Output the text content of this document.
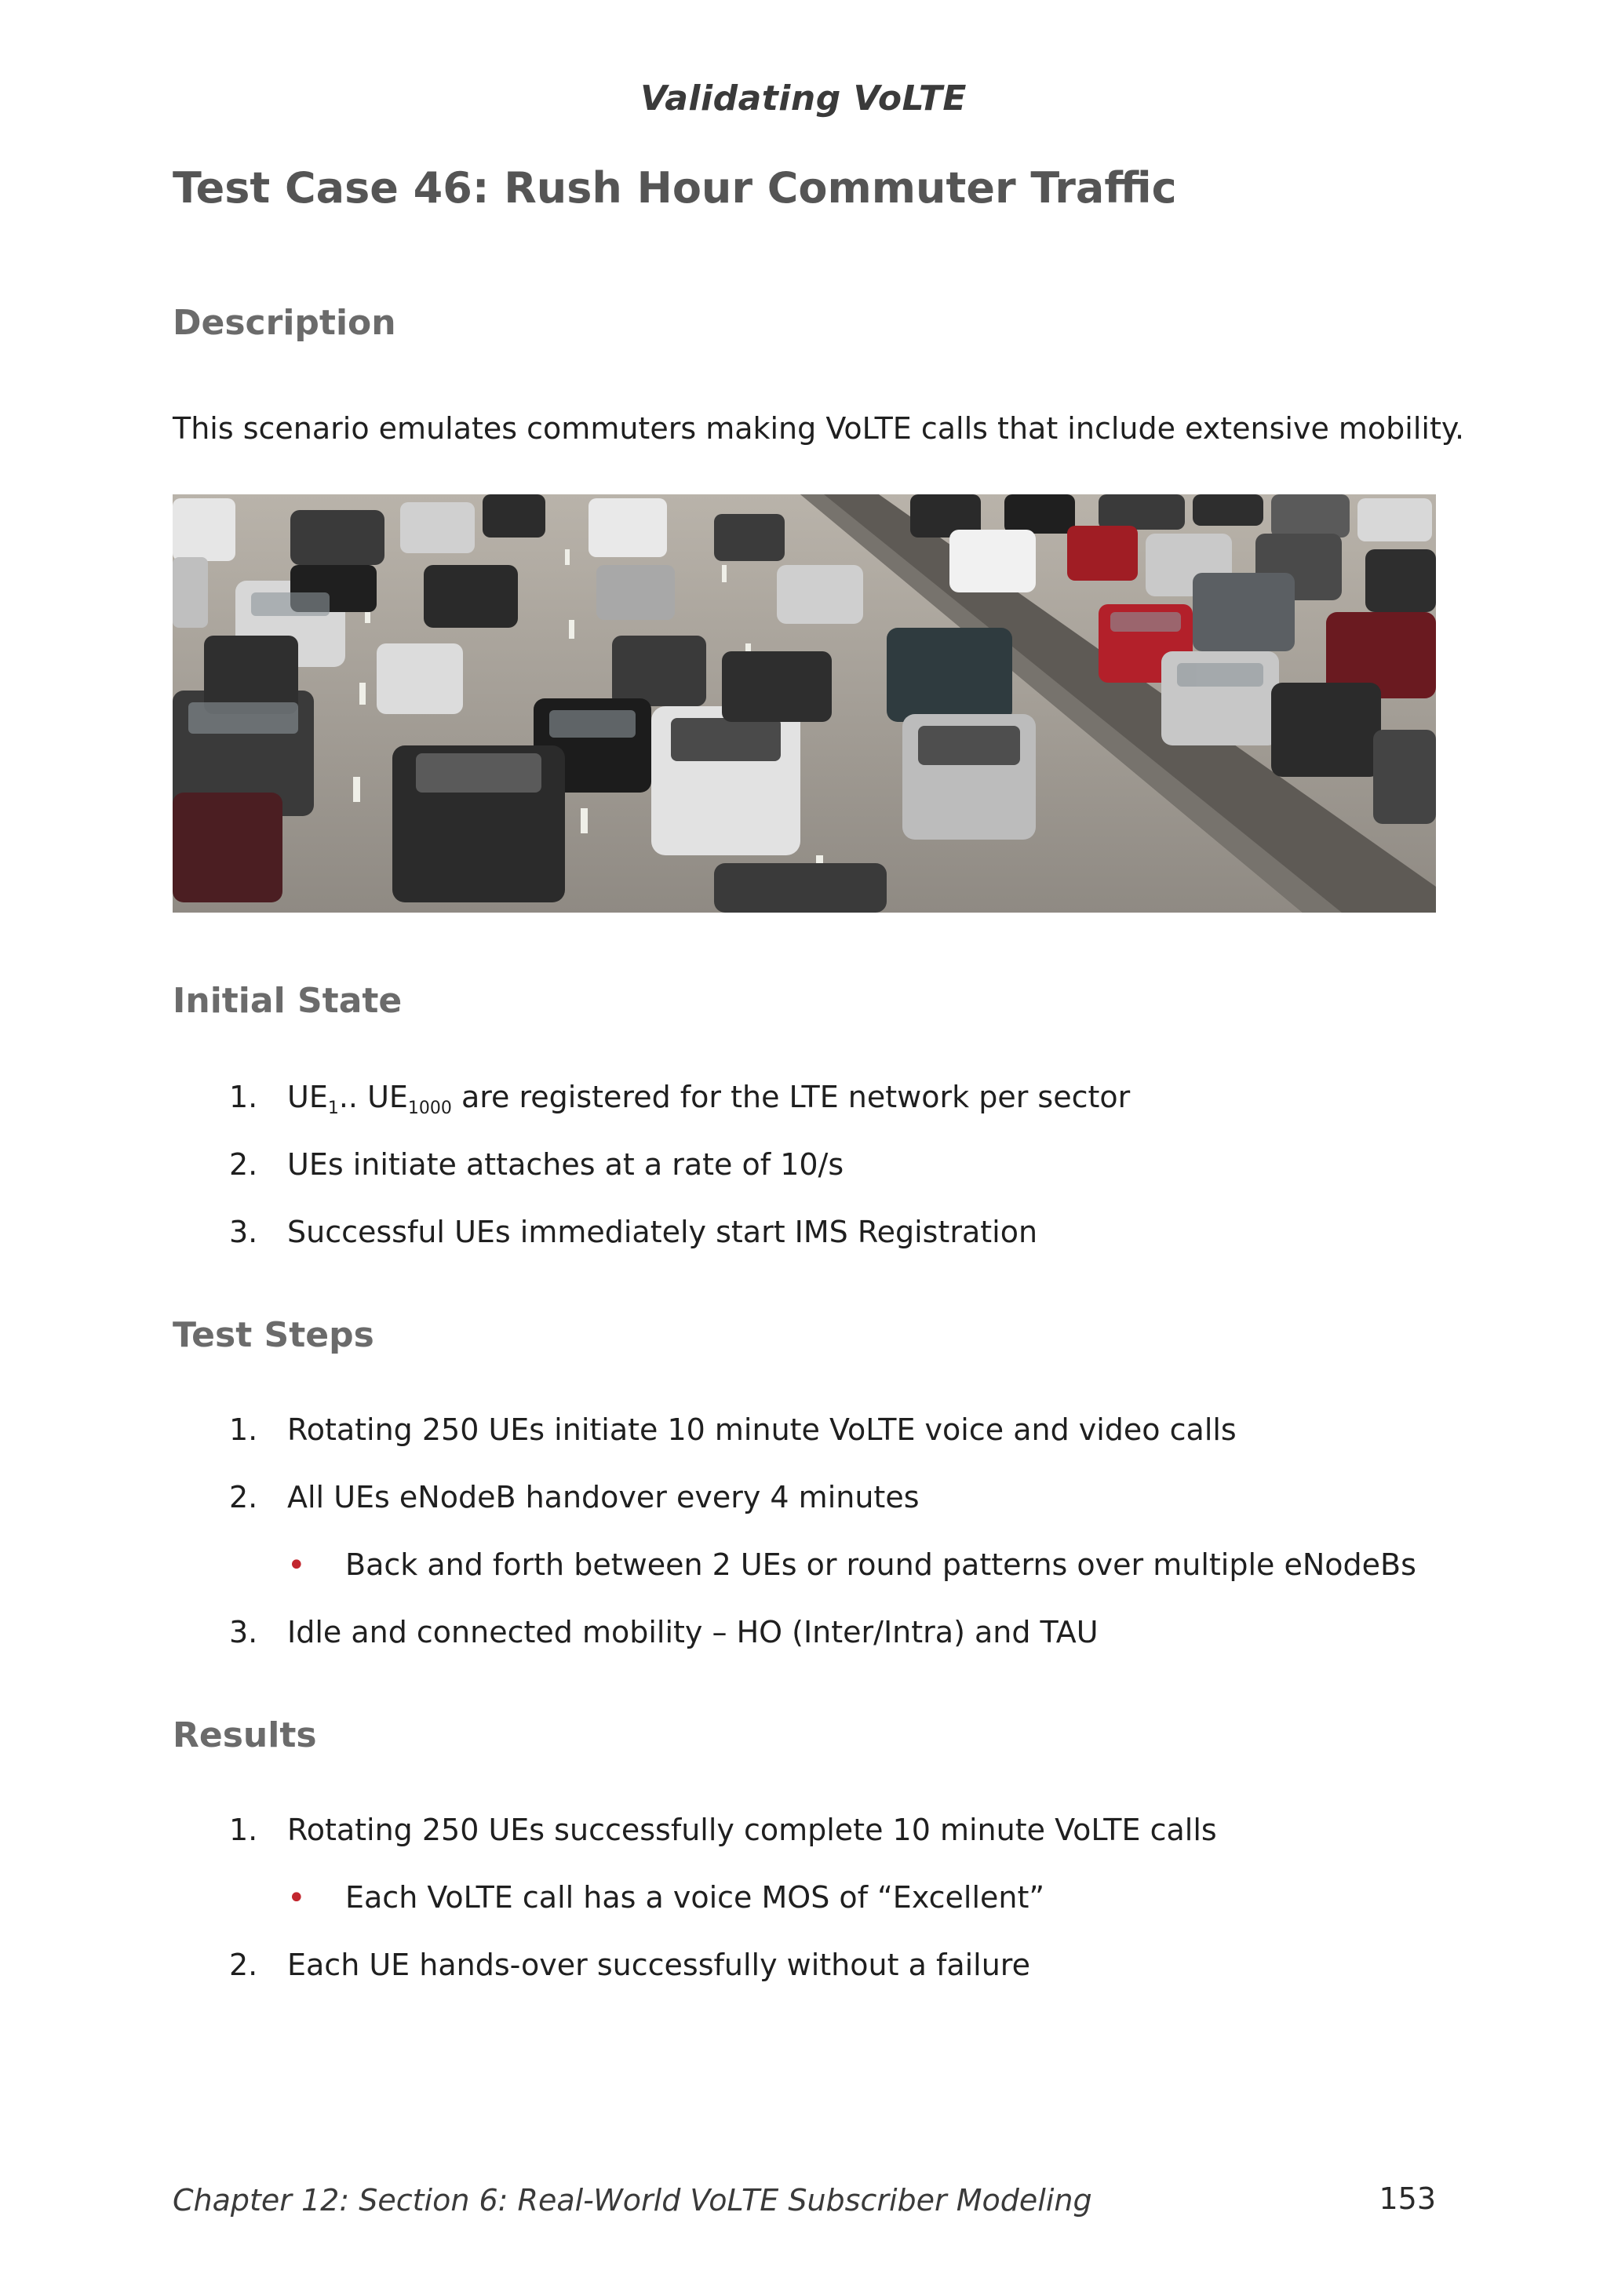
Validating VoLTE
Test Case 46: Rush Hour Commuter Traffic
Description
This scenario emulates commuters making VoLTE calls that include extensive mobility.
Initial State
1. $UE_1$.. $UE_{1000}$ are registered for the LTE network per sector
2. UEs initiate attaches at a rate of 10/s
3. Successful UEs immediately start IMS Registration
Test Steps
1. Rotating 250 UEs initiate 10 minute VoLTE voice and video calls
2. All UEs eNodeB handover every 4 minutes
• Back and forth between 2 UEs or round patterns over multiple eNodeBs
3. Idle and connected mobility – HO (Inter/Intra) and TAU
Results
1. Rotating 250 UEs successfully complete 10 minute VoLTE calls
• Each VoLTE call has a voice MOS of “Excellent”
2. Each UE hands-over successfully without a failure
Chapter 12: Section 6: Real-World VoLTE Subscriber Modeling	153
